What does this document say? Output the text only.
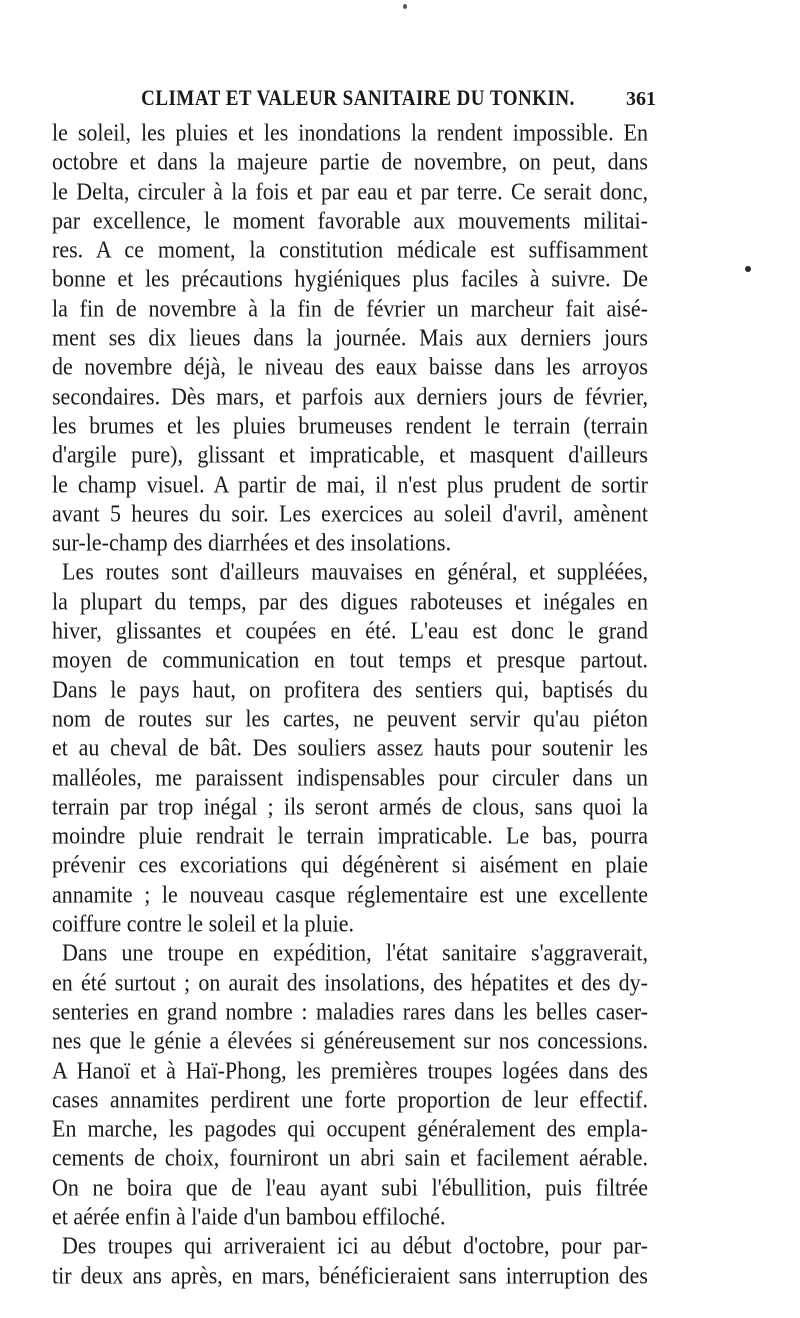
CLIMAT ET VALEUR SANITAIRE DU TONKIN.	361
le soleil, les pluies et les inondations la rendent impossible. En
octobre et dans la majeure partie de novembre, on peut, dans
le Delta, circuler à la fois et par eau et par terre. Ce serait donc,
par excellence, le moment favorable aux mouvements militai-
res. A ce moment, la constitution médicale est suffisamment
bonne et les précautions hygiéniques plus faciles à suivre. De
la fin de novembre à la fin de février un marcheur fait aisé-
ment ses dix lieues dans la journée. Mais aux derniers jours
de novembre déjà, le niveau des eaux baisse dans les arroyos
secondaires. Dès mars, et parfois aux derniers jours de février,
les brumes et les pluies brumeuses rendent le terrain (terrain
d'argile pure), glissant et impraticable, et masquent d'ailleurs
le champ visuel. A partir de mai, il n'est plus prudent de sortir
avant 5 heures du soir. Les exercices au soleil d'avril, amènent
sur-le-champ des diarrhées et des insolations.
Les routes sont d'ailleurs mauvaises en général, et suppléées,
la plupart du temps, par des digues raboteuses et inégales en
hiver, glissantes et coupées en été. L'eau est donc le grand
moyen de communication en tout temps et presque partout.
Dans le pays haut, on profitera des sentiers qui, baptisés du
nom de routes sur les cartes, ne peuvent servir qu'au piéton
et au cheval de bât. Des souliers assez hauts pour soutenir les
malléoles, me paraissent indispensables pour circuler dans un
terrain par trop inégal ; ils seront armés de clous, sans quoi la
moindre pluie rendrait le terrain impraticable. Le bas, pourra
prévenir ces excoriations qui dégénèrent si aisément en plaie
annamite ; le nouveau casque réglementaire est une excellente
coiffure contre le soleil et la pluie.
Dans une troupe en expédition, l'état sanitaire s'aggraverait,
en été surtout ; on aurait des insolations, des hépatites et des dy-
senteries en grand nombre : maladies rares dans les belles caser-
nes que le génie a élevées si généreusement sur nos concessions.
A Hanoï et à Haï-Phong, les premières troupes logées dans des
cases annamites perdirent une forte proportion de leur effectif.
En marche, les pagodes qui occupent généralement des empla-
cements de choix, fourniront un abri sain et facilement aérable.
On ne boira que de l'eau ayant subi l'ébullition, puis filtrée
et aérée enfin à l'aide d'un bambou effiloché.
Des troupes qui arriveraient ici au début d'octobre, pour par-
tir deux ans après, en mars, bénéficieraient sans interruption des
